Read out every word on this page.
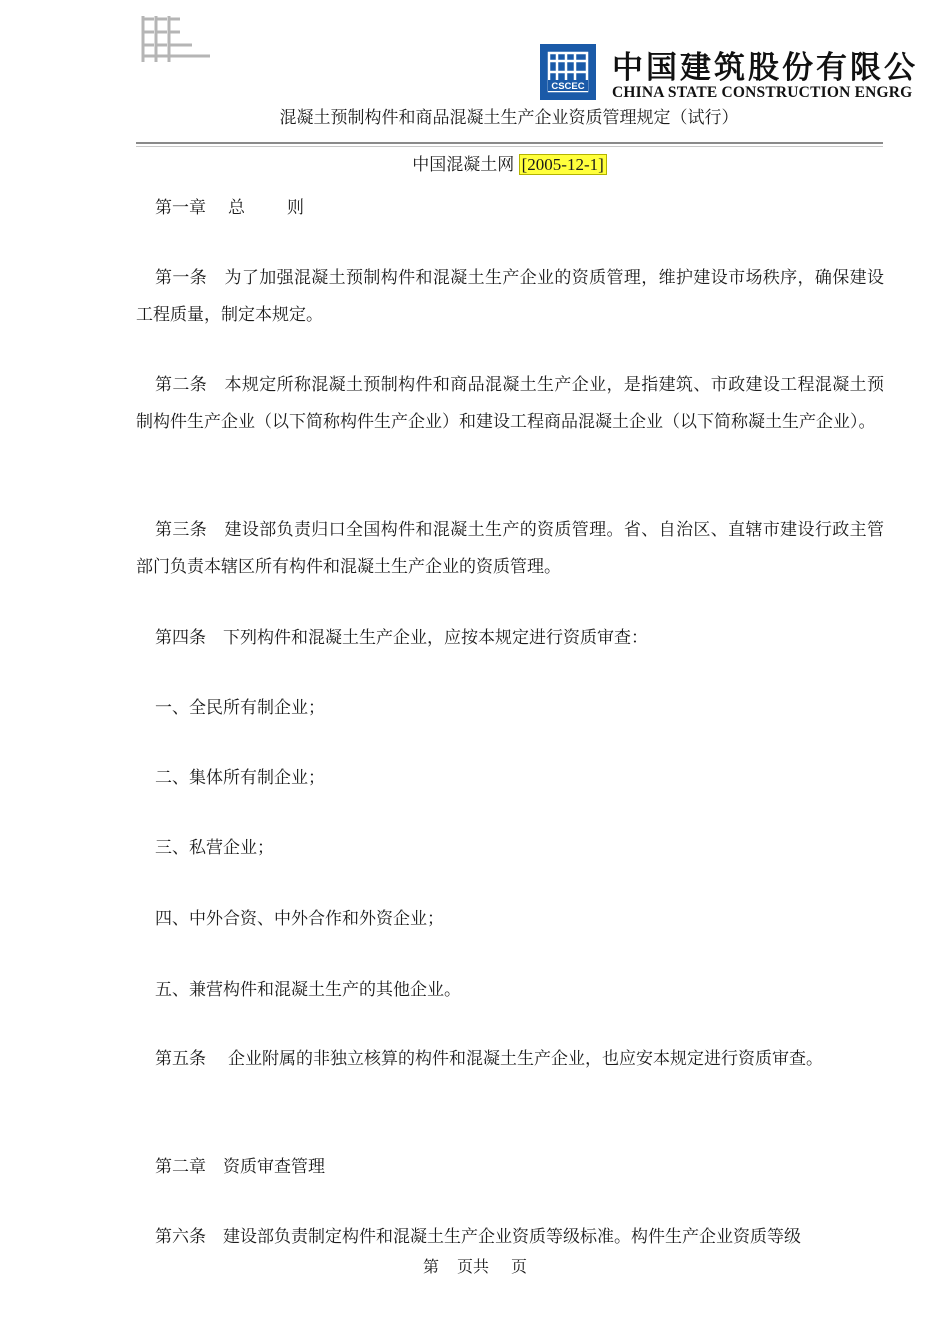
CSCEC
中国建筑股份有限公
CHINA STATE CONSTRUCTION ENGRG
混凝土预制构件和商品混凝土生产企业资质管理规定（试行）
中国混凝土网 [2005-12-1]
第一章 总 则
第一条 为了加强混凝土预制构件和混凝土生产企业的资质管理，维护建设市场秩序，确保建设工程质量，制定本规定。
第二条 本规定所称混凝土预制构件和商品混凝土生产企业，是指建筑、市政建设工程混凝土预制构件生产企业（以下简称构件生产企业）和建设工程商品混凝土企业（以下简称凝土生产企业）。
第三条 建设部负责归口全国构件和混凝土生产的资质管理。省、自治区、直辖市建设行政主管部门负责本辖区所有构件和混凝土生产企业的资质管理。
第四条 下列构件和混凝土生产企业，应按本规定进行资质审查：
一、全民所有制企业；
二、集体所有制企业；
三、私营企业；
四、中外合资、中外合作和外资企业；
五、兼营构件和混凝土生产的其他企业。
第五条 企业附属的非独立核算的构件和混凝土生产企业，也应安本规定进行资质审查。
第二章 资质审查管理
第六条 建设部负责制定构件和混凝土生产企业资质等级标准。构件生产企业资质等级
第 页共 页
